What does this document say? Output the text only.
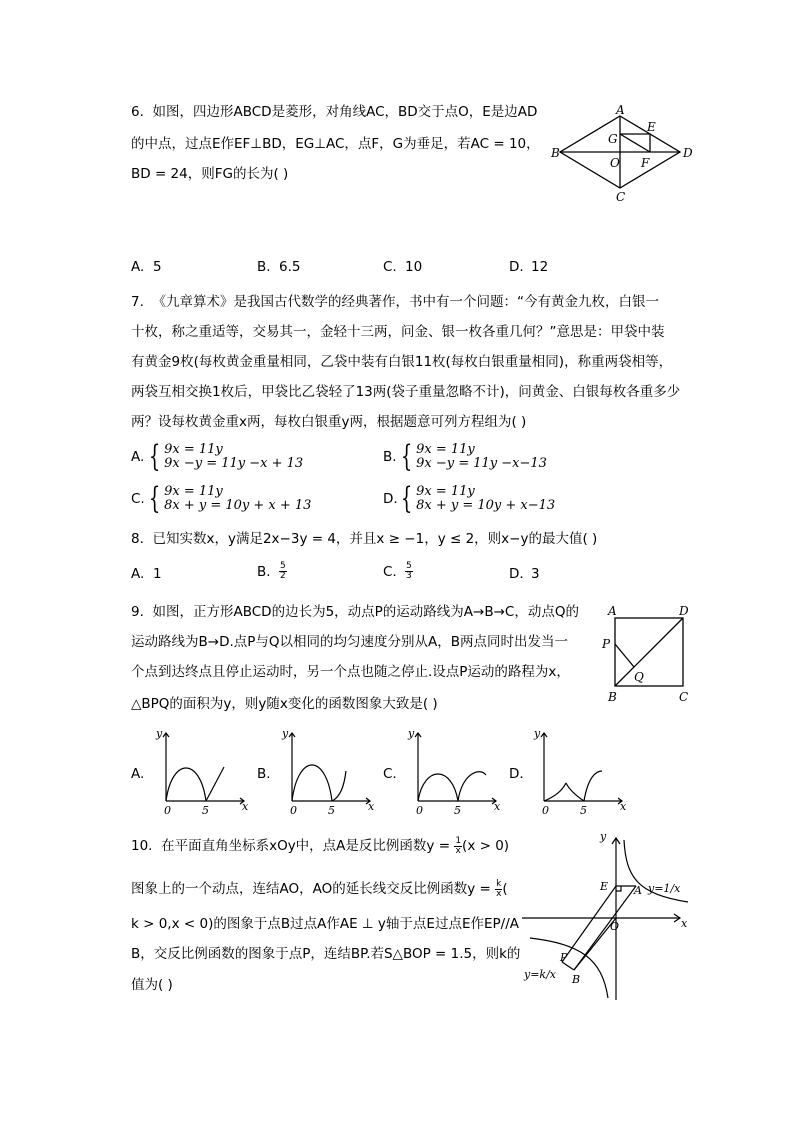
6. 如图，四边形ABCD是菱形，对角线AC，BD交于点O，E是边AD
的中点，过点E作EF⊥BD，EG⊥AC，点F，G为垂足，若AC = 10，
BD = 24，则FG的长为( )
A
B
C
D
E
F
G
O
A. 5	B. 6.5	C. 10	D. 12
7. 《九章算术》是我国古代数学的经典著作，书中有一个问题：“今有黄金九枚，白银一
十枚，称之重适等，交易其一，金轻十三两，问金、银一枚各重几何？”意思是：甲袋中装
有黄金9枚(每枚黄金重量相同，乙袋中装有白银11枚(每枚白银重量相同)，称重两袋相等，
两袋互相交换1枚后，甲袋比乙袋轻了13两(袋子重量忽略不计)，问黄金、白银每枚各重多少
两？设每枚黄金重x两，每枚白银重y两，根据题意可列方程组为( )
A. { 9x = 11y
9x −y = 11y −x + 13	B. { 9x = 11y
9x −y = 11y −x−13
C. { 9x = 11y
8x + y = 10y + x + 13	D. { 9x = 11y
8x + y = 10y + x−13
8. 已知实数x，y满足2x−3y = 4，并且x ≥ −1，y ≤ 2，则x−y的最大值( )
A. 1	B. $\frac{5}{2}$	C. $\frac{5}{3}$	D. 3
9. 如图，正方形ABCD的边长为5，动点P的运动路线为A→B→C，动点Q的
运动路线为B→D.点P与Q以相同的均匀速度分别从A，B两点同时出发当一
个点到达终点且停止运动时，另一个点也随之停止.设点P运动的路程为x，
△BPQ的面积为y，则y随x变化的函数图象大致是( )
A	D
B	C
P
Q
A.
y
x
0	5
B.
y
x
0	5
C.
y
x
0	5
D.
y
x
0	5
10. 在平面直角坐标系xOy中，点A是反比例函数$y = \frac{1}{x} (x > 0)$
图象上的一个动点，连结AO，AO的延长线交反比例函数$y = \frac{k}{x}$ (
k > 0,x < 0)的图象于点B过点A作AE ⊥ y轴于点E过点E作EP//A
B，交反比例函数的图象于点P，连结BP.若S△BOP = 1.5，则k的
值为( )
y
x
O
E A
P
B
y=1/x
y=k/x
